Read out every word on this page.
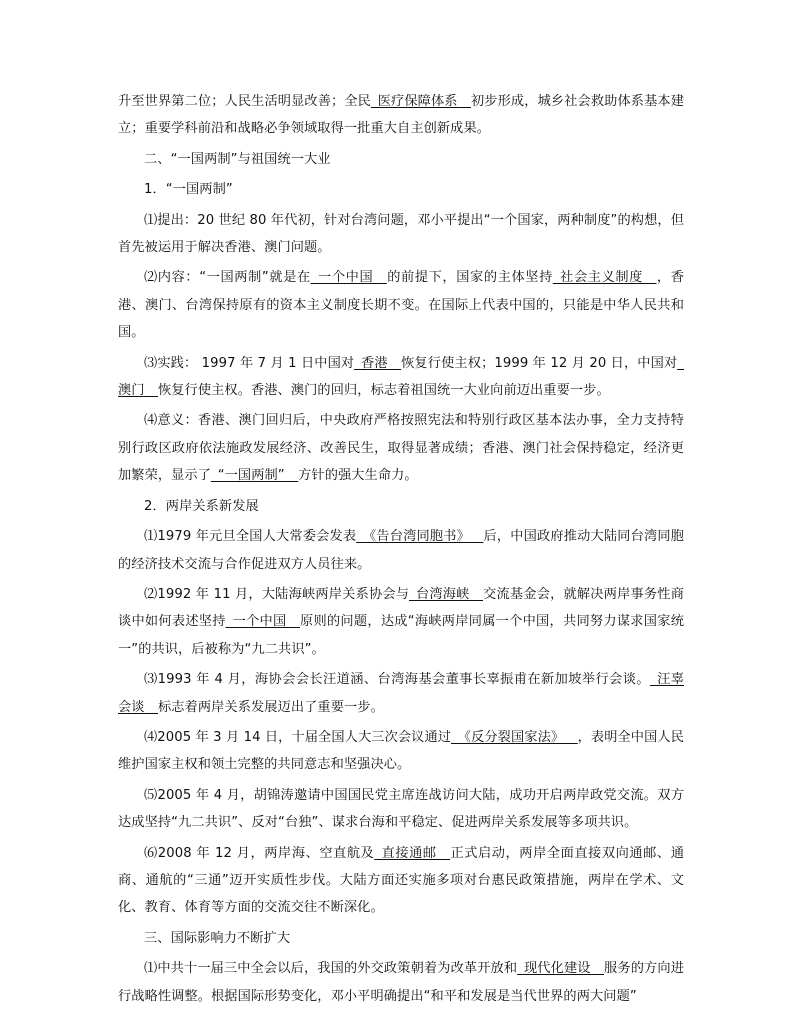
升至世界第二位；人民生活明显改善；全民_医疗保障体系__初步形成，城乡社会救助体系基本建立；重要学科前沿和战略必争领域取得一批重大自主创新成果。

二、“一国两制”与祖国统一大业

1．“一国两制”

⑴提出：20 世纪 80 年代初，针对台湾问题，邓小平提出“一个国家，两种制度”的构想，但首先被运用于解决香港、澳门问题。

⑵内容：“一国两制”就是在_一个中国__的前提下，国家的主体坚持_社会主义制度__，香港、澳门、台湾保持原有的资本主义制度长期不变。在国际上代表中国的，只能是中华人民共和国。

⑶实践： 1997 年 7 月 1 日中国对_香港__恢复行使主权；1999 年 12 月 20 日，中国对_澳门__恢复行使主权。香港、澳门的回归，标志着祖国统一大业向前迈出重要一步。

⑷意义：香港、澳门回归后，中央政府严格按照宪法和特别行政区基本法办事，全力支持特别行政区政府依法施政发展经济、改善民生，取得显著成绩；香港、澳门社会保持稳定，经济更加繁荣，显示了_“一国两制”__方针的强大生命力。

2．两岸关系新发展

⑴1979 年元旦全国人大常委会发表_《告台湾同胞书》__后，中国政府推动大陆同台湾同胞的经济技术交流与合作促进双方人员往来。

⑵1992 年 11 月，大陆海峡两岸关系协会与_台湾海峡__交流基金会，就解决两岸事务性商谈中如何表述坚持_一个中国__原则的问题，达成“海峡两岸同属一个中国，共同努力谋求国家统一”的共识，后被称为“九二共识”。

⑶1993 年 4 月，海协会会长汪道涵、台湾海基会董事长辜振甫在新加坡举行会谈。_汪辜会谈__标志着两岸关系发展迈出了重要一步。

⑷2005 年 3 月 14 日，十届全国人大三次会议通过_《反分裂国家法》__，表明全中国人民维护国家主权和领土完整的共同意志和坚强决心。

⑸2005 年 4 月，胡锦涛邀请中国国民党主席连战访问大陆，成功开启两岸政党交流。双方达成坚持“九二共识”、反对“台独”、谋求台海和平稳定、促进两岸关系发展等多项共识。

⑹2008 年 12 月，两岸海、空直航及_直接通邮__正式启动，两岸全面直接双向通邮、通商、通航的“三通”迈开实质性步伐。大陆方面还实施多项对台惠民政策措施，两岸在学术、文化、教育、体育等方面的交流交往不断深化。

三、国际影响力不断扩大

⑴中共十一届三中全会以后，我国的外交政策朝着为改革开放和_现代化建设__服务的方向进行战略性调整。根据国际形势变化，邓小平明确提出“和平和发展是当代世界的两大问题”
